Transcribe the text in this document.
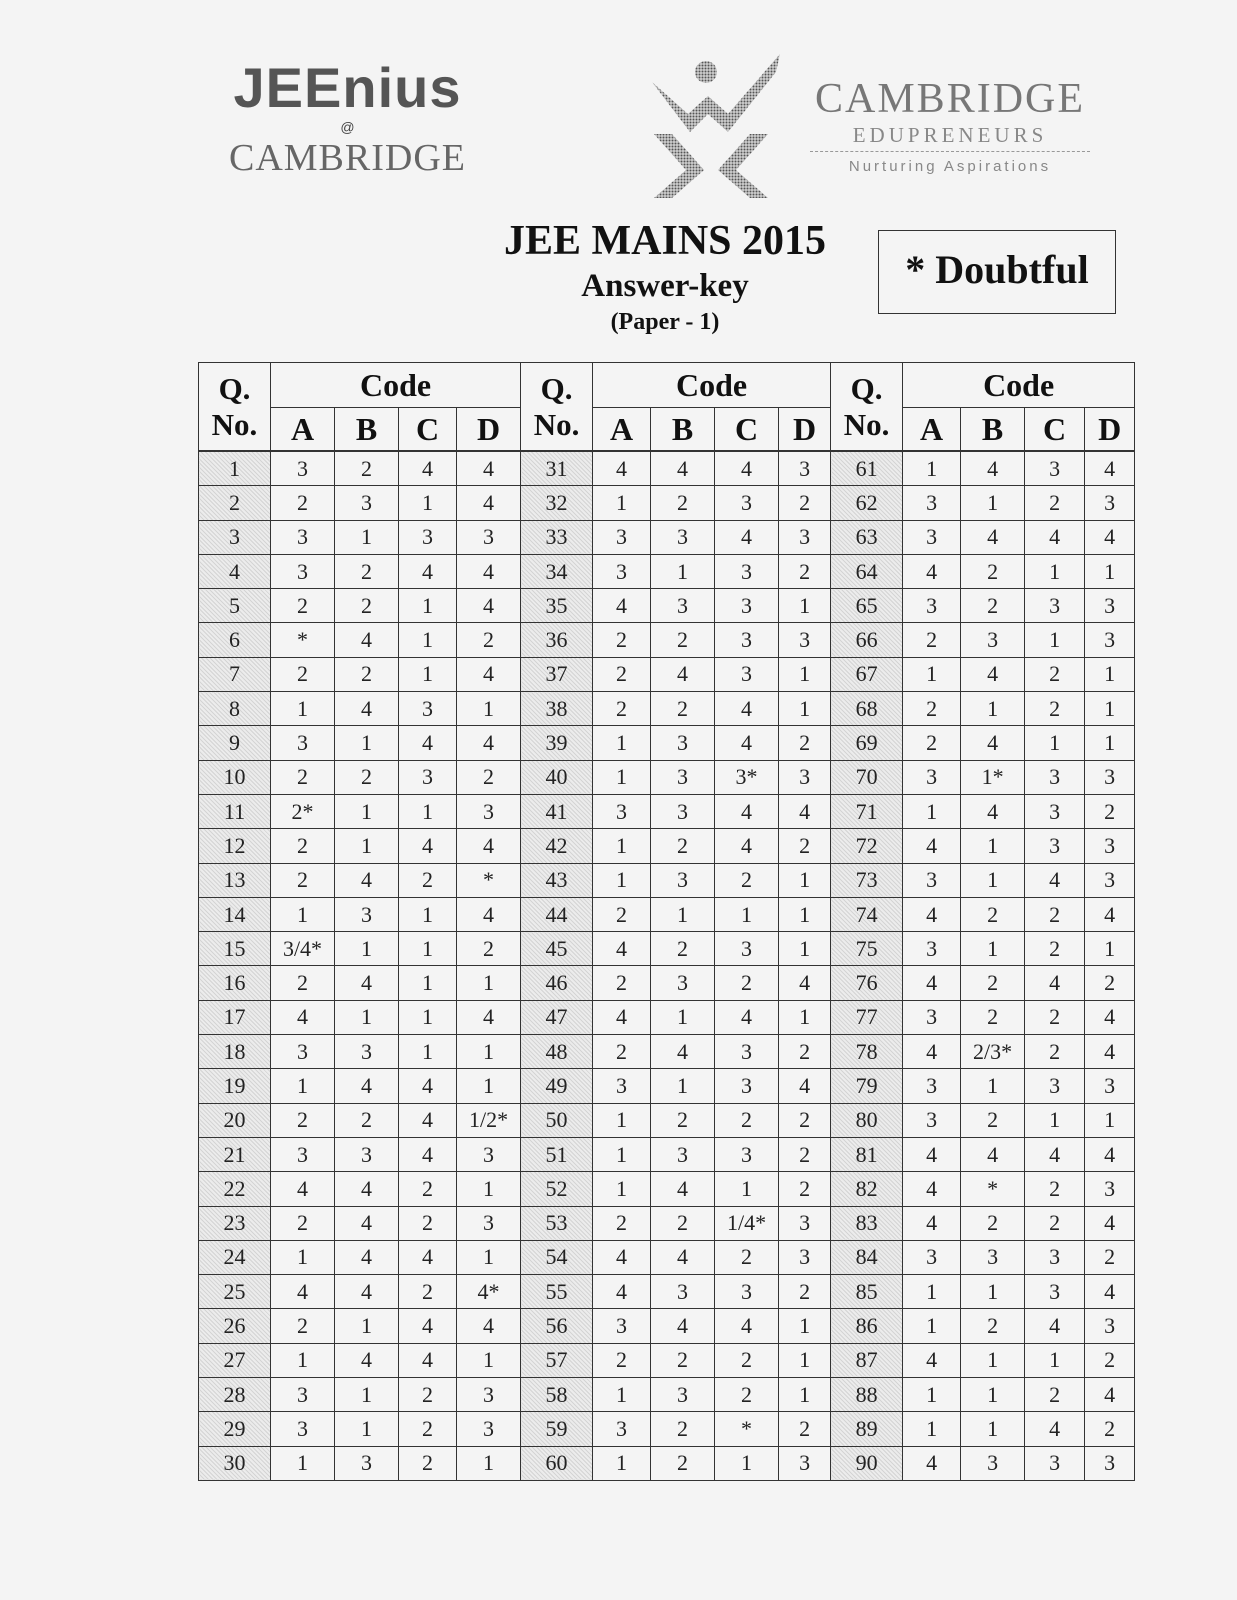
JEEnius
@
CAMBRIDGE
CAMBRIDGE
EDUPRENEURS
Nurturing Aspirations
JEE MAINS 2015
Answer-key
(Paper - 1)
* Doubtful
Q.
No.	Code				Q.
No.	Code				Q.
No.	Code			
	A	B	C	D		A	B	C	D		A	B	C	D
1	3	2	4	4	31	4	4	4	3	61	1	4	3	4
2	2	3	1	4	32	1	2	3	2	62	3	1	2	3
3	3	1	3	3	33	3	3	4	3	63	3	4	4	4
4	3	2	4	4	34	3	1	3	2	64	4	2	1	1
5	2	2	1	4	35	4	3	3	1	65	3	2	3	3
6	*	4	1	2	36	2	2	3	3	66	2	3	1	3
7	2	2	1	4	37	2	4	3	1	67	1	4	2	1
8	1	4	3	1	38	2	2	4	1	68	2	1	2	1
9	3	1	4	4	39	1	3	4	2	69	2	4	1	1
10	2	2	3	2	40	1	3	3*	3	70	3	1*	3	3
11	2*	1	1	3	41	3	3	4	4	71	1	4	3	2
12	2	1	4	4	42	1	2	4	2	72	4	1	3	3
13	2	4	2	*	43	1	3	2	1	73	3	1	4	3
14	1	3	1	4	44	2	1	1	1	74	4	2	2	4
15	3/4*	1	1	2	45	4	2	3	1	75	3	1	2	1
16	2	4	1	1	46	2	3	2	4	76	4	2	4	2
17	4	1	1	4	47	4	1	4	1	77	3	2	2	4
18	3	3	1	1	48	2	4	3	2	78	4	2/3*	2	4
19	1	4	4	1	49	3	1	3	4	79	3	1	3	3
20	2	2	4	1/2*	50	1	2	2	2	80	3	2	1	1
21	3	3	4	3	51	1	3	3	2	81	4	4	4	4
22	4	4	2	1	52	1	4	1	2	82	4	*	2	3
23	2	4	2	3	53	2	2	1/4*	3	83	4	2	2	4
24	1	4	4	1	54	4	4	2	3	84	3	3	3	2
25	4	4	2	4*	55	4	3	3	2	85	1	1	3	4
26	2	1	4	4	56	3	4	4	1	86	1	2	4	3
27	1	4	4	1	57	2	2	2	1	87	4	1	1	2
28	3	1	2	3	58	1	3	2	1	88	1	1	2	4
29	3	1	2	3	59	3	2	*	2	89	1	1	4	2
30	1	3	2	1	60	1	2	1	3	90	4	3	3	3
